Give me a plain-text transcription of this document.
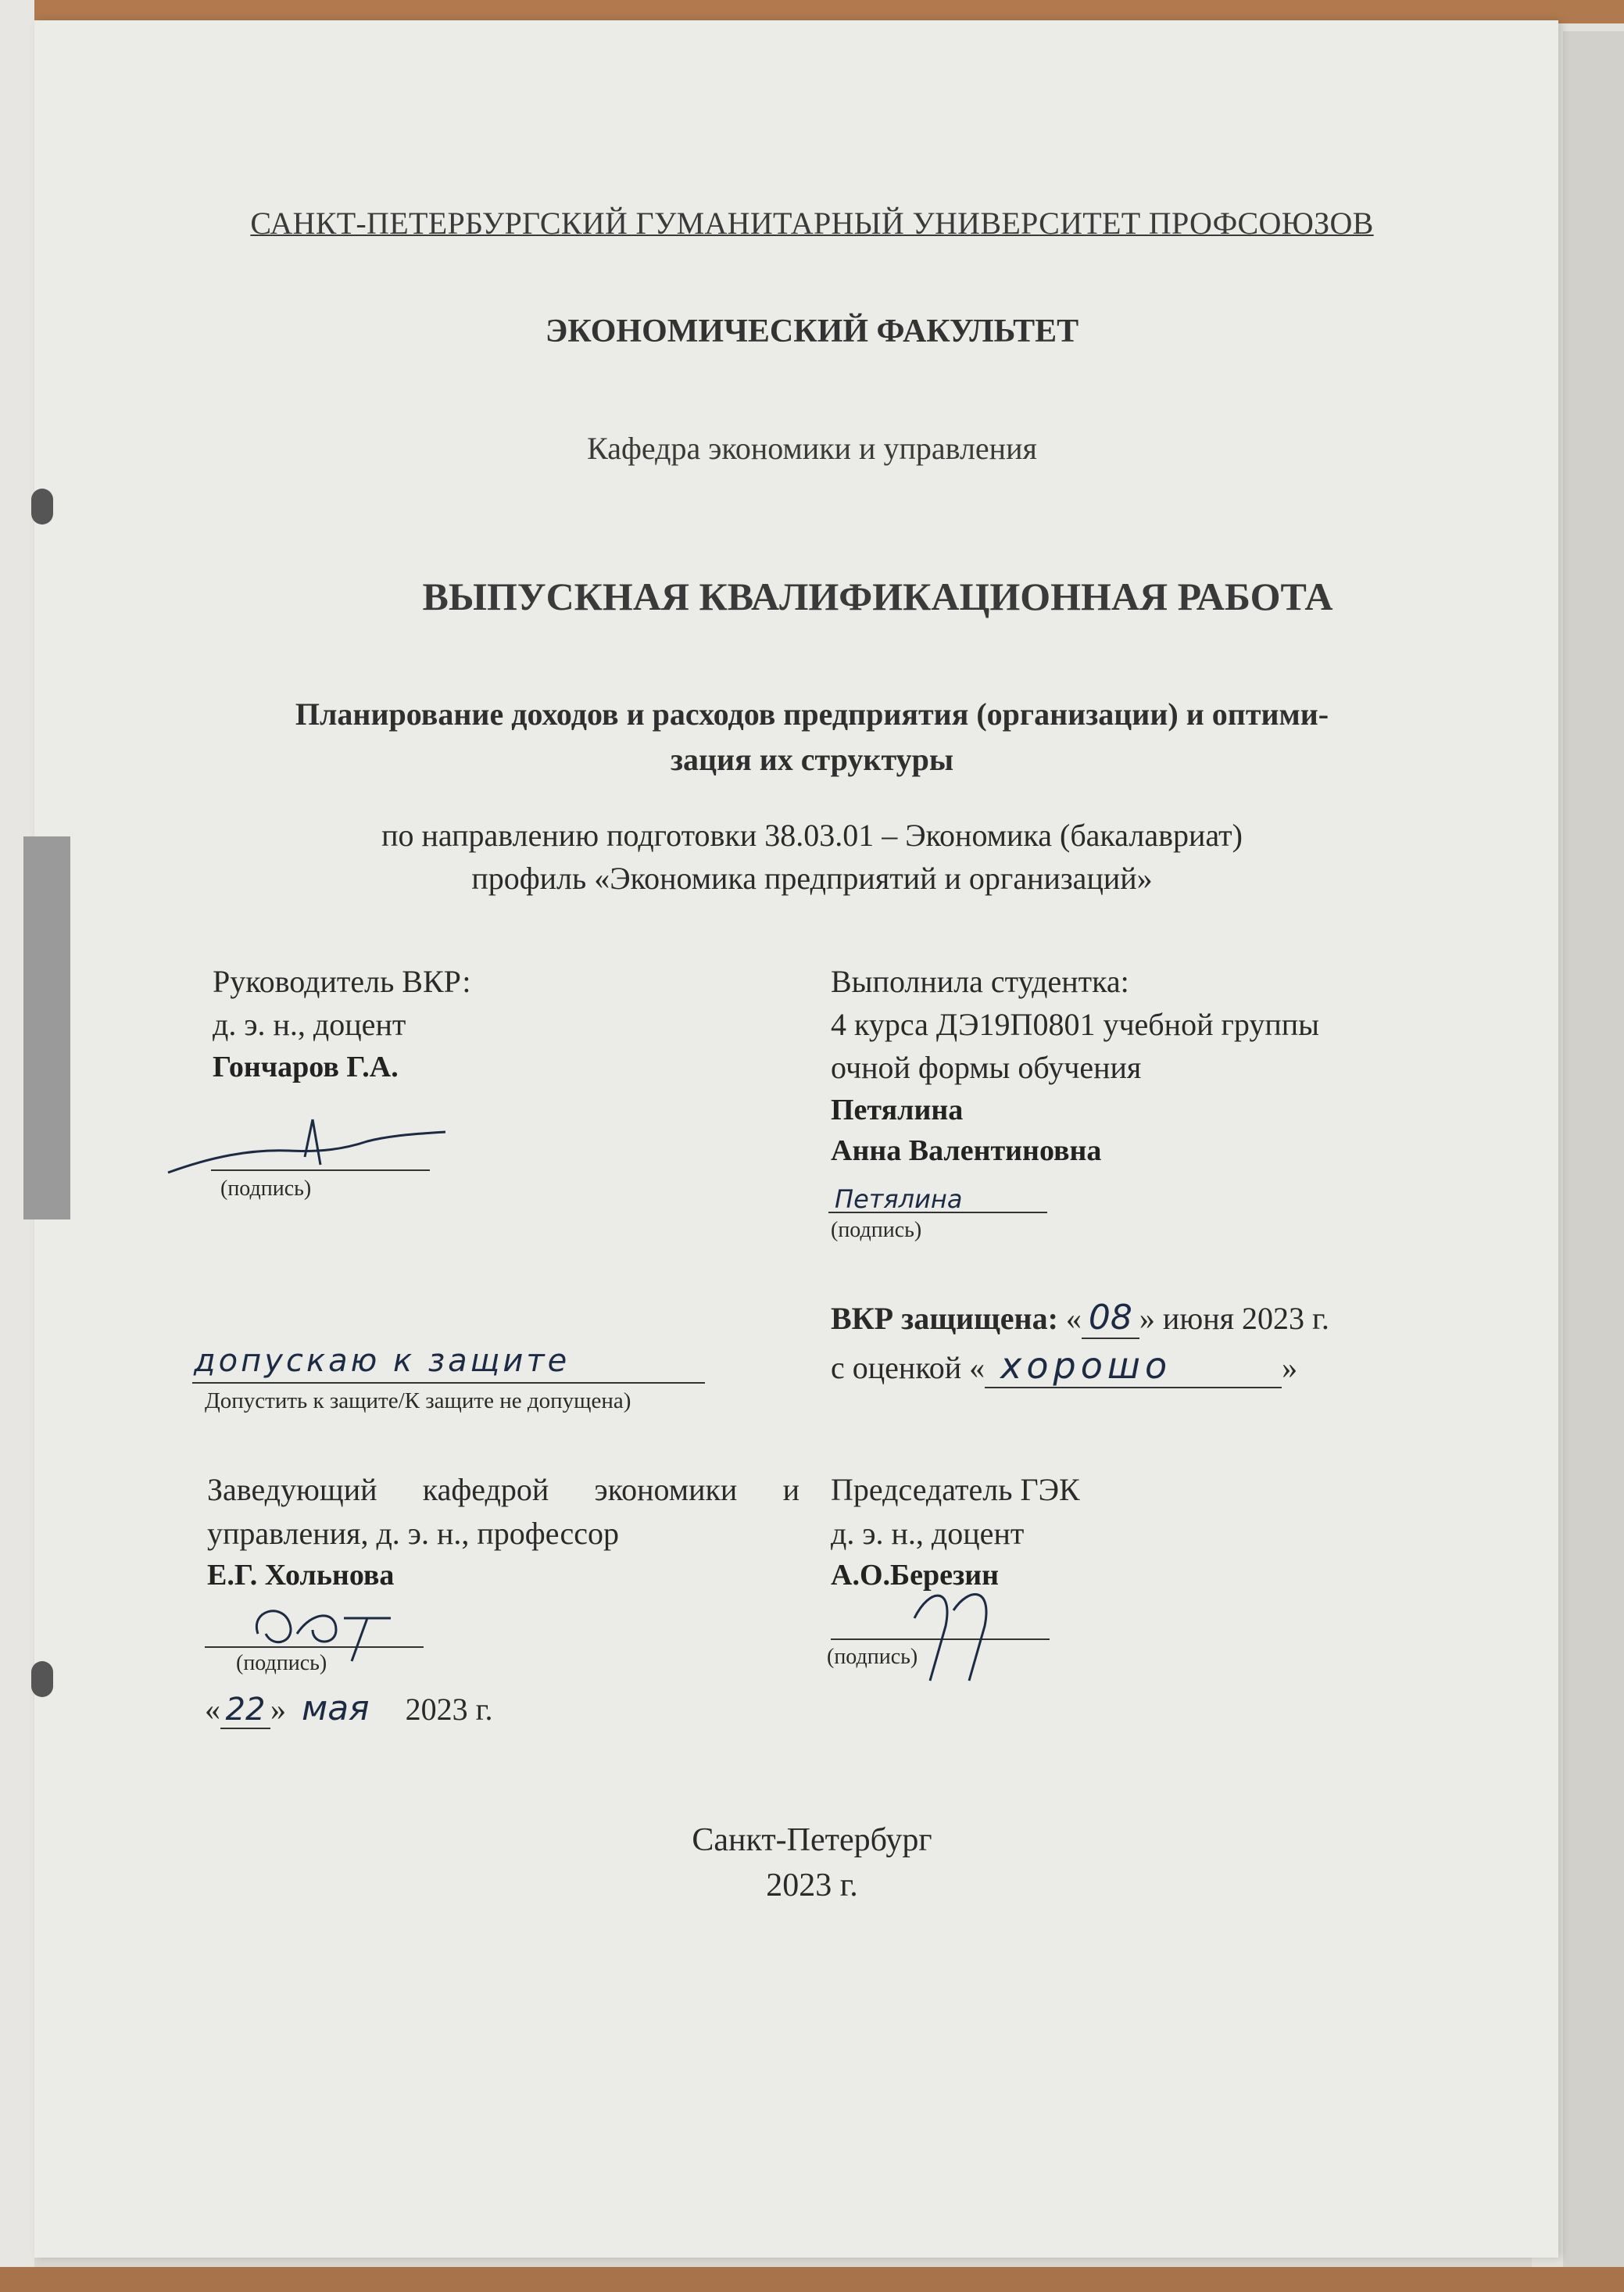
САНКТ-ПЕТЕРБУРГСКИЙ ГУМАНИТАРНЫЙ УНИВЕРСИТЕТ ПРОФСОЮЗОВ
ЭКОНОМИЧЕСКИЙ ФАКУЛЬТЕТ
Кафедра экономики и управления
ВЫПУСКНАЯ КВАЛИФИКАЦИОННАЯ РАБОТА
Планирование доходов и расходов предприятия (организации) и оптими-
зация их структуры
по направлению подготовки 38.03.01 – Экономика (бакалавриат)
профиль «Экономика предприятий и организаций»
Руководитель ВКР:
д. э. н., доцент
Гончаров Г.А.
(подпись)
Выполнила студентка:
4 курса ДЭ19П0801 учебной группы
очной формы обучения
Петялина
Анна Валентиновна
Петялина
(подпись)
ВКР защищена: « 08 » июня 2023 г.
с оценкой « хорошо	»
допускаю к защите
Допустить к защите/К защите не допущена)
Заведующий кафедрой экономики и
управления, д. э. н., профессор
Е.Г. Хольнова
(подпись)
« 22 » мая 2023 г.
Председатель ГЭК
д. э. н., доцент
А.О.Березин
(подпись)
Санкт-Петербург
2023 г.
